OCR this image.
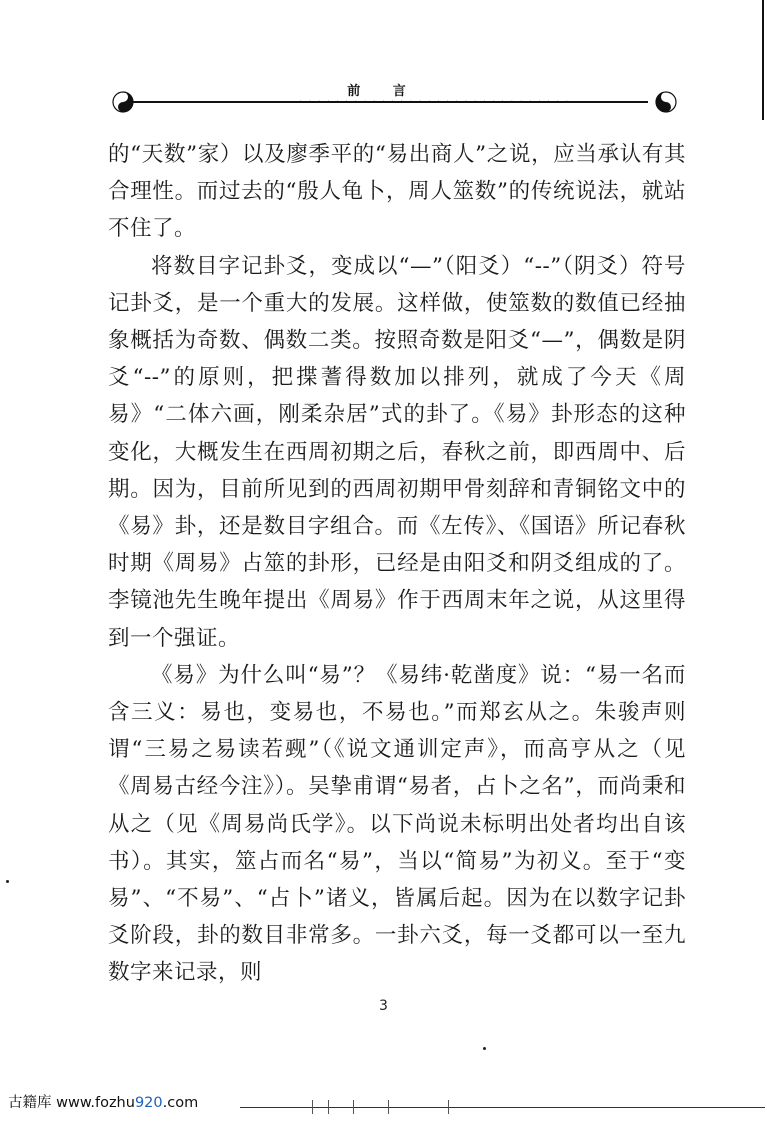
前 言
· · · · · · · · · · · · · · · · · · · · · · · · · · · · · ·

的“天数”家）以及廖季平的“易出商人”之说，应当承认有其合理性。而过去的“殷人龟卜，周人筮数”的传统说法，就站不住了。

将数目字记卦爻，变成以“—”（阳爻）“--”（阴爻）符号记卦爻，是一个重大的发展。这样做，使筮数的数值已经抽象概括为奇数、偶数二类。按照奇数是阳爻“—”，偶数是阴爻“--”的原则，把揲蓍得数加以排列，就成了今天《周易》“二体六画，刚柔杂居”式的卦了。《易》卦形态的这种变化，大概发生在西周初期之后，春秋之前，即西周中、后期。因为，目前所见到的西周初期甲骨刻辞和青铜铭文中的《易》卦，还是数目字组合。而《左传》、《国语》所记春秋时期《周易》占筮的卦形，已经是由阳爻和阴爻组成的了。李镜池先生晚年提出《周易》作于西周末年之说，从这里得到一个强证。

《易》为什么叫“易”？《易纬·乾凿度》说：“易一名而含三义：易也，变易也，不易也。”而郑玄从之。朱骏声则谓“三易之易读若觋”（《说文通训定声》，而高亨从之（见《周易古经今注》）。吴挚甫谓“易者，占卜之名”，而尚秉和从之（见《周易尚氏学》。以下尚说未标明出处者均出自该书）。其实，筮占而名“易”，当以“简易”为初义。至于“变易”、“不易”、“占卜”诸义，皆属后起。因为在以数字记卦爻阶段，卦的数目非常多。一卦六爻，每一爻都可以一至九数字来记录，则

3
古籍库 www.fozhu920.com
